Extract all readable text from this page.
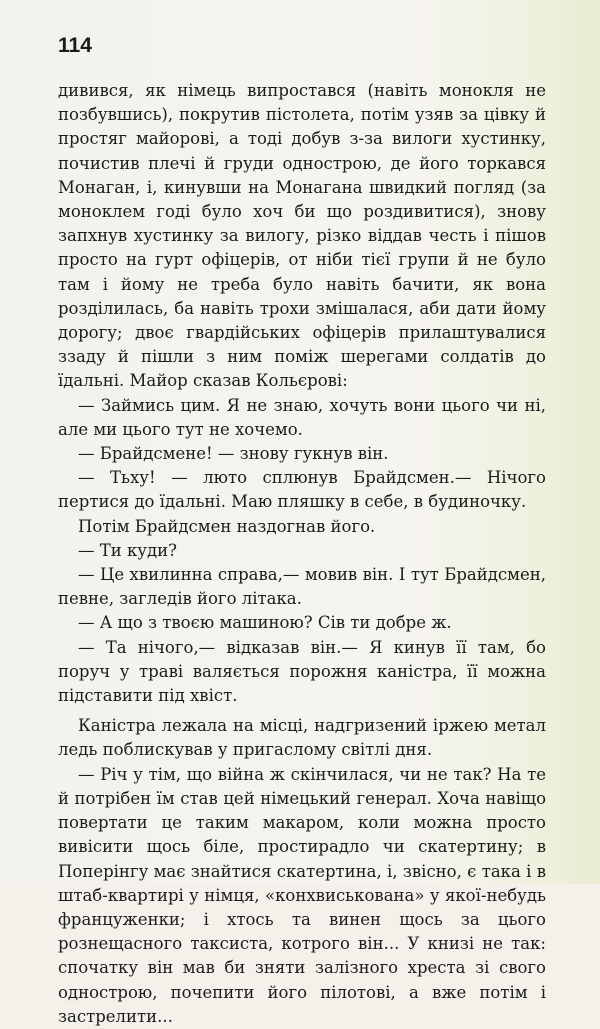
114

дивився, як німець випростався (навіть монокля не позбувшись), покрутив пістолета, потім узяв за цівку й простяг майорові, а тоді добув з-за вилоги хустинку, почистив плечі й груди однострою, де його торкався Монаган, і, кинувши на Монагана швидкий погляд (за моноклем годі було хоч би що роздивитися), знову запхнув хустинку за вилогу, різко віддав честь і пішов просто на гурт офіцерів, от ніби тієї групи й не було там і йому не треба було навіть бачити, як вона розділилась, ба навіть трохи змішалася, аби дати йому дорогу; двоє гвардійських офіцерів прилаштувалися ззаду й пішли з ним поміж шерегами солдатів до їдальні. Майор сказав Кольєрові:

— Займись цим. Я не знаю, хочуть вони цього чи ні, але ми цього тут не хочемо.

— Брайдсмене! — знову гукнув він.

— Тьху! — люто сплюнув Брайдсмен.— Нічого пертися до їдальні. Маю пляшку в себе, в будиночку.

Потім Брайдсмен наздогнав його.

— Ти куди?

— Це хвилинна справа,— мовив він. І тут Брайдсмен, певне, загледів його літака.

— А що з твоєю машиною? Сів ти добре ж.

— Та нічого,— відказав він.— Я кинув її там, бо поруч у траві валяється порожня каністра, її можна підставити під хвіст.

Каністра лежала на місці, надгризений іржею метал ледь поблискував у пригаслому світлі дня.

— Річ у тім, що війна ж скінчилася, чи не так? На те й потрібен їм став цей німецький генерал. Хоча навіщо повертати це таким макаром, коли можна просто вивісити щось біле, простирадло чи скатертину; в Поперінгу має знайтися скатертина, і, звісно, є така і в штаб-квартирі у німця, «конхвиськована» у якої-небудь француженки; і хтось та винен щось за цього рознещасного таксиста, котрого він... У книзі не так: спочатку він мав би зняти залізного хреста зі свого однострою, почепити його пілотові, а вже потім і застрелити...
